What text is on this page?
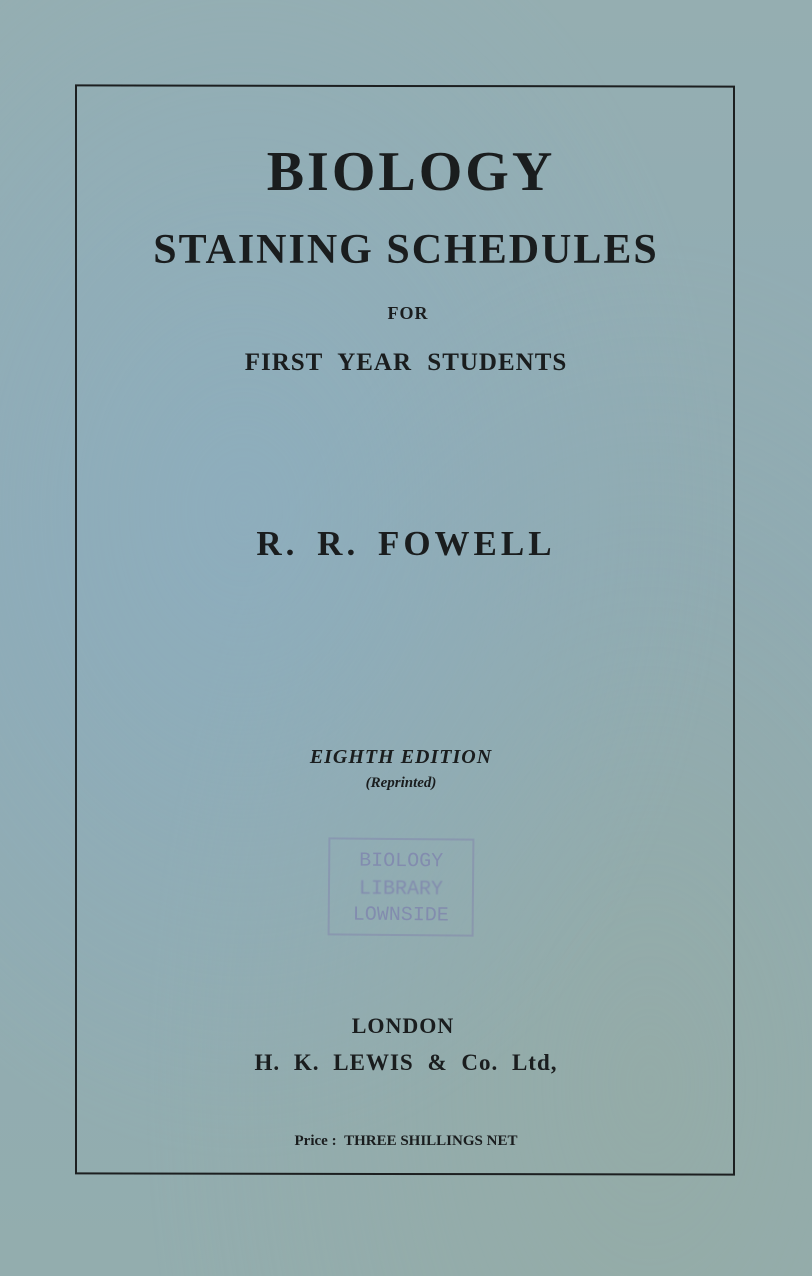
BIOLOGY
STAINING SCHEDULES
FOR
FIRST YEAR STUDENTS
R. R. FOWELL
EIGHTH EDITION
(Reprinted)
BIOLOGY
LIBRARY
LOWNSIDE
LONDON
H. K. LEWIS & Co. Ltd,
Price : THREE SHILLINGS NET
